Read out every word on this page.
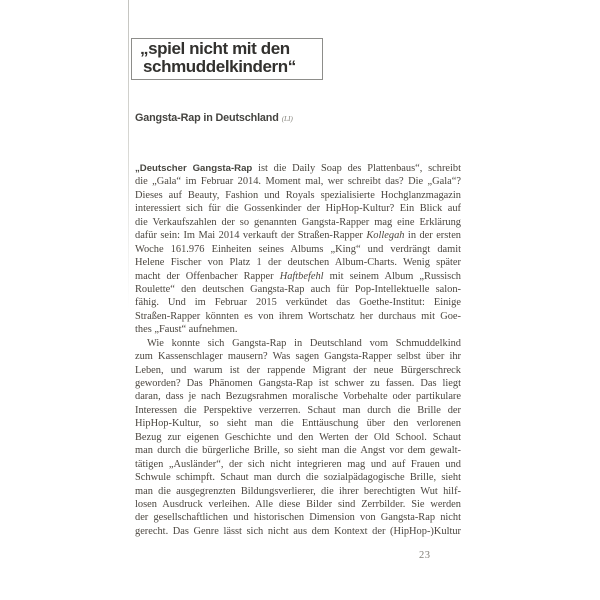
„spiel nicht mit den
schmuddelkindern“
Gangsta-Rap in Deutschland (LI)
„Deutscher Gangsta-Rap ist die Daily Soap des Plattenbaus“, schreibt
die „Gala“ im Februar 2014. Moment mal, wer schreibt das? Die „Gala“?
Dieses auf Beauty, Fashion und Royals spezialisierte Hochglanzmagazin
interessiert sich für die Gossenkinder der HipHop-Kultur? Ein Blick auf
die Verkaufszahlen der so genannten Gangsta-Rapper mag eine Erklärung
dafür sein: Im Mai 2014 verkauft der Straßen-Rapper Kollegah in der ersten
Woche 161.976 Einheiten seines Albums „King“ und verdrängt damit
Helene Fischer von Platz 1 der deutschen Album-Charts. Wenig später
macht der Offenbacher Rapper Haftbefehl mit seinem Album „Russisch
Roulette“ den deutschen Gangsta-Rap auch für Pop-Intellektuelle salon-
fähig. Und im Februar 2015 verkündet das Goethe-Institut: Einige
Straßen-Rapper könnten es von ihrem Wortschatz her durchaus mit Goe-
thes „Faust“ aufnehmen.
Wie konnte sich Gangsta-Rap in Deutschland vom Schmuddelkind
zum Kassenschlager mausern? Was sagen Gangsta-Rapper selbst über ihr
Leben, und warum ist der rappende Migrant der neue Bürgerschreck
geworden? Das Phänomen Gangsta-Rap ist schwer zu fassen. Das liegt
daran, dass je nach Bezugsrahmen moralische Vorbehalte oder partikulare
Interessen die Perspektive verzerren. Schaut man durch die Brille der
HipHop-Kultur, so sieht man die Enttäuschung über den verlorenen
Bezug zur eigenen Geschichte und den Werten der Old School. Schaut
man durch die bürgerliche Brille, so sieht man die Angst vor dem gewalt-
tätigen „Ausländer“, der sich nicht integrieren mag und auf Frauen und
Schwule schimpft. Schaut man durch die sozialpädagogische Brille, sieht
man die ausgegrenzten Bildungsverlierer, die ihrer berechtigten Wut hilf-
losen Ausdruck verleihen. Alle diese Bilder sind Zerrbilder. Sie werden
der gesellschaftlichen und historischen Dimension von Gangsta-Rap nicht
gerecht. Das Genre lässt sich nicht aus dem Kontext der (HipHop-)Kultur
23
